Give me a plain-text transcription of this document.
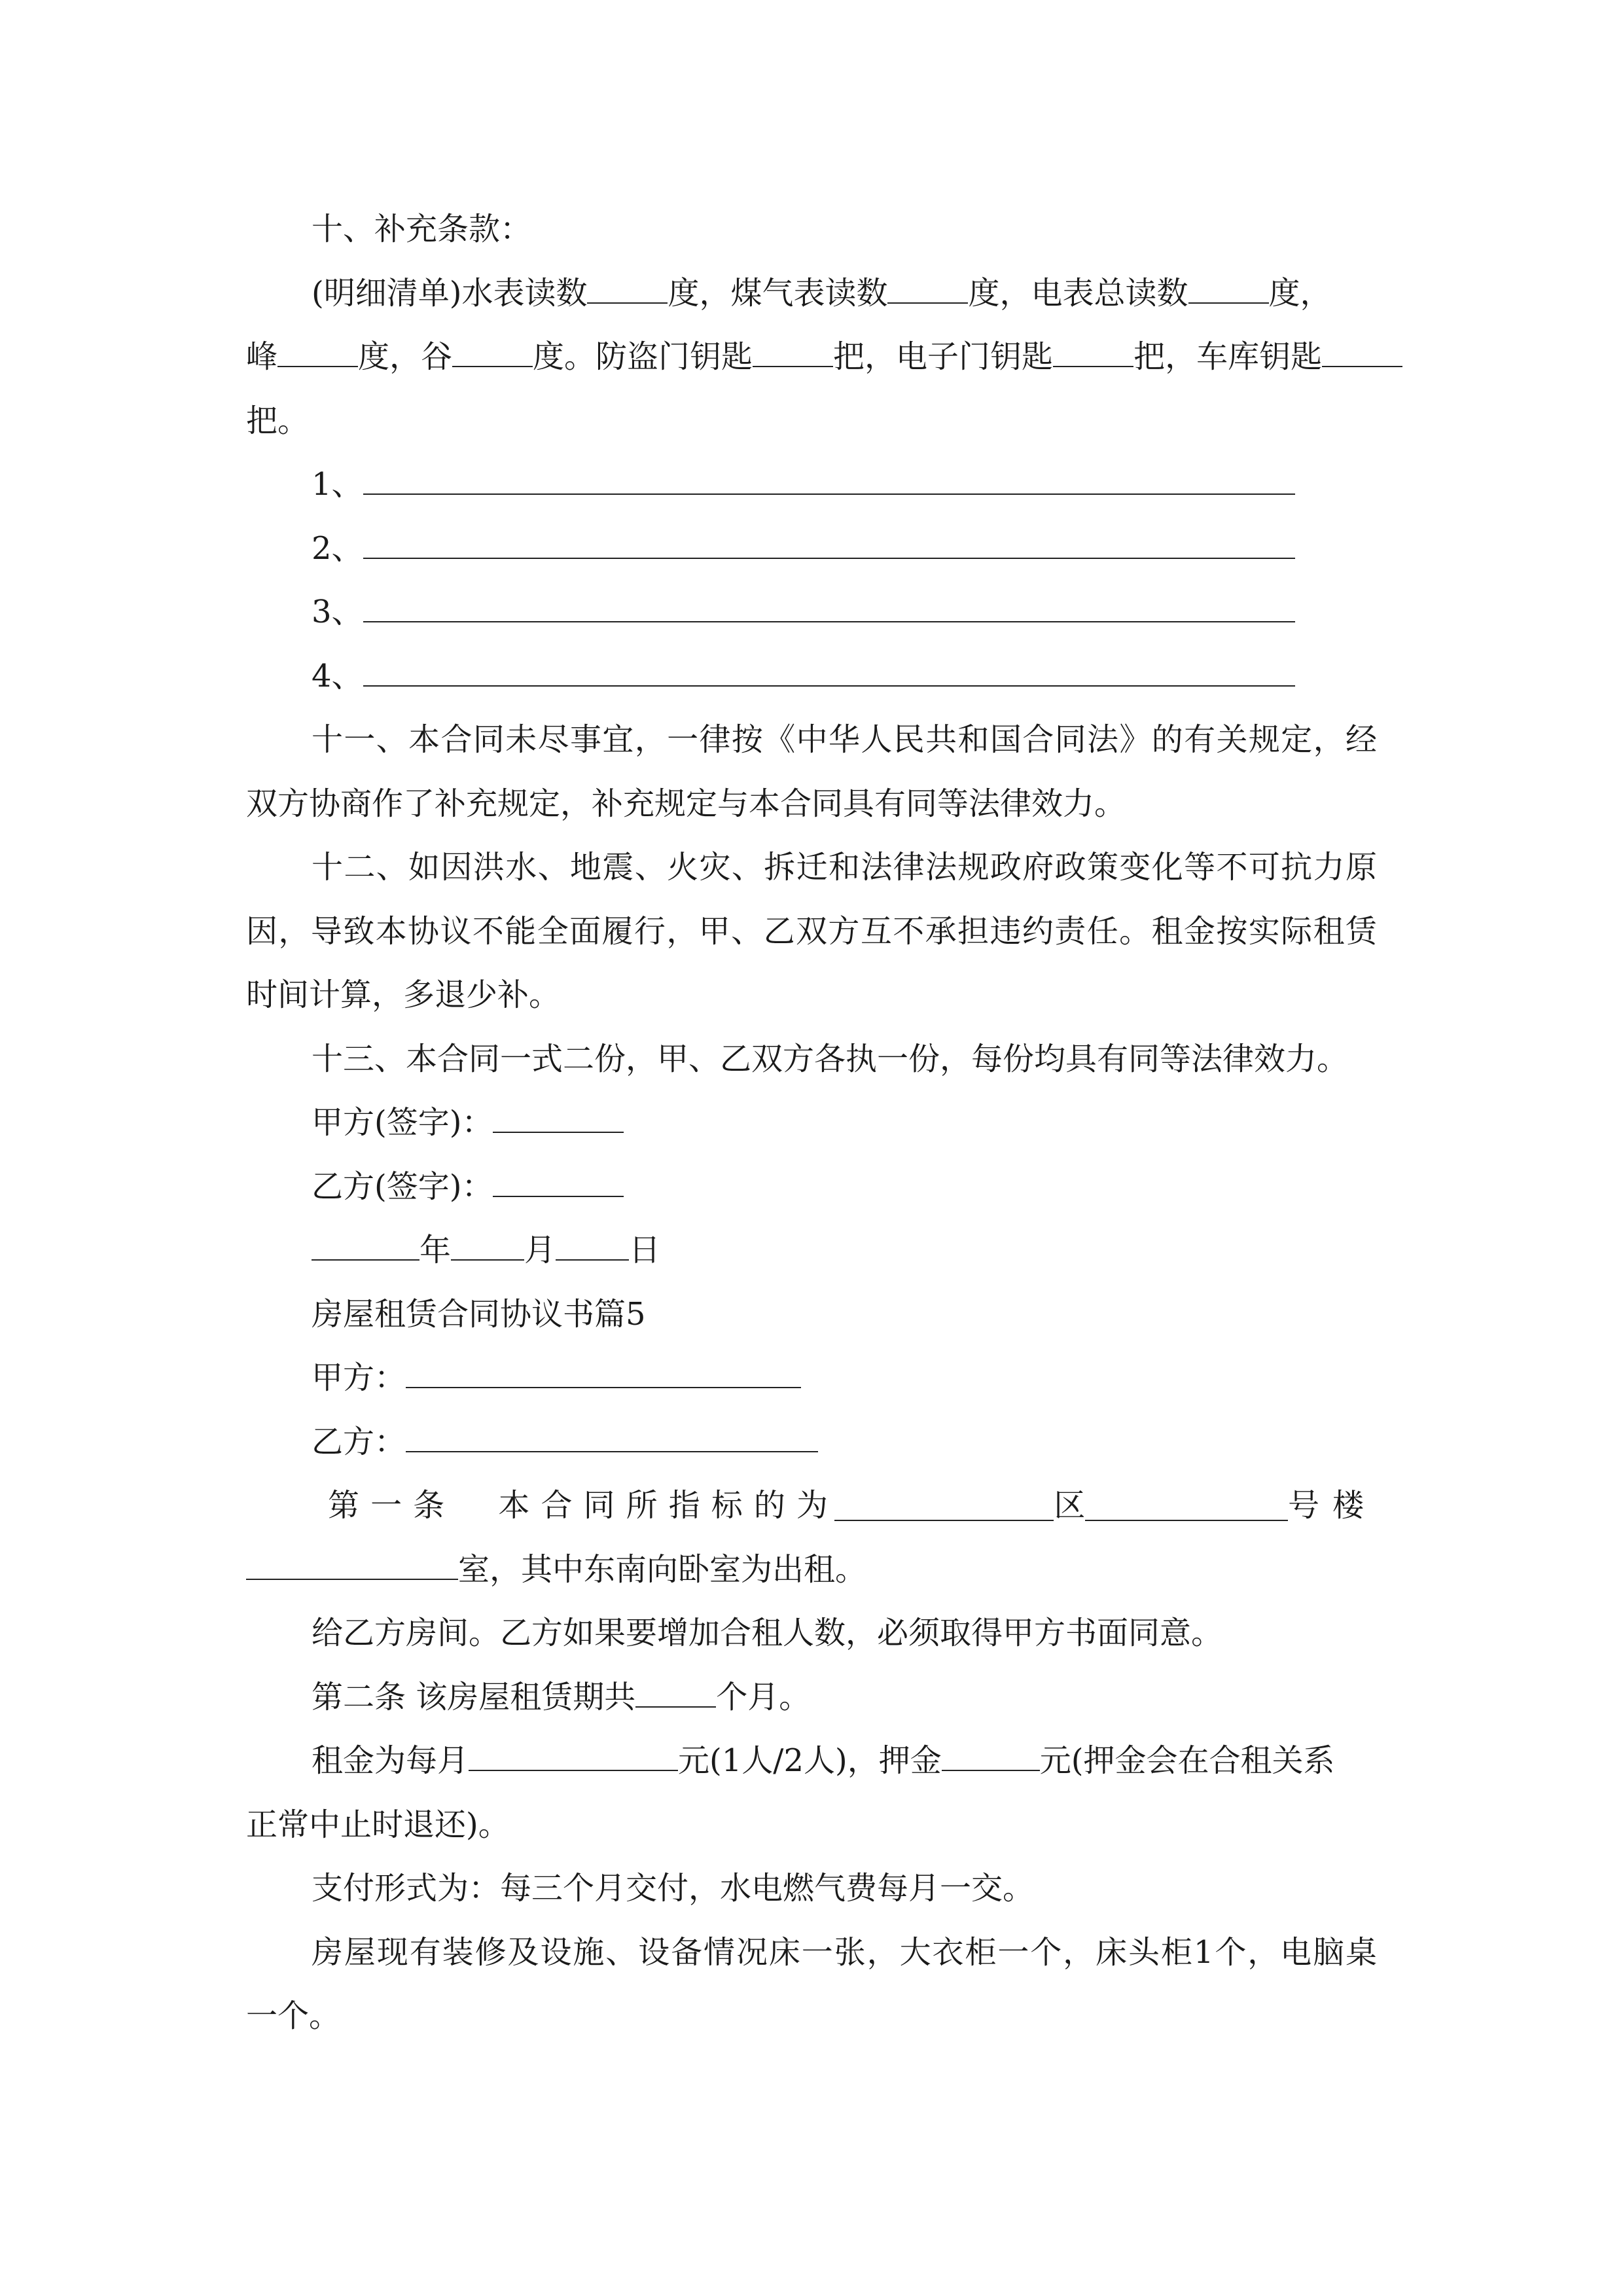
十、补充条款：
(明细清单)水表读数	度，煤气表读数	度，电表总读数	度，
峰	度，谷	度。防盗门钥匙	把，电子门钥匙	把，车库钥匙
把。
1、
2、
3、
4、
十一、本合同未尽事宜，一律按《中华人民共和国合同法》的有关规定，经
双方协商作了补充规定，补充规定与本合同具有同等法律效力。
十二、如因洪水、地震、火灾、拆迁和法律法规政府政策变化等不可抗力原
因，导致本协议不能全面履行，甲、乙双方互不承担违约责任。租金按实际租赁
时间计算，多退少补。
十三、本合同一式二份，甲、乙双方各执一份，每份均具有同等法律效力。
甲方(签字)：
乙方(签字)：
年 月 日
房屋租赁合同协议书篇5
甲方：
乙方：
第一条　本合同所指标的为	区	号楼
室，其中东南向卧室为出租。
给乙方房间。乙方如果要增加合租人数，必须取得甲方书面同意。
第二条 该房屋租赁期共	个月。
租金为每月	元(1人/2人)，押金	元(押金会在合租关系
正常中止时退还)。
支付形式为：每三个月交付，水电燃气费每月一交。
房屋现有装修及设施、设备情况床一张，大衣柜一个，床头柜1个，电脑桌
一个。
